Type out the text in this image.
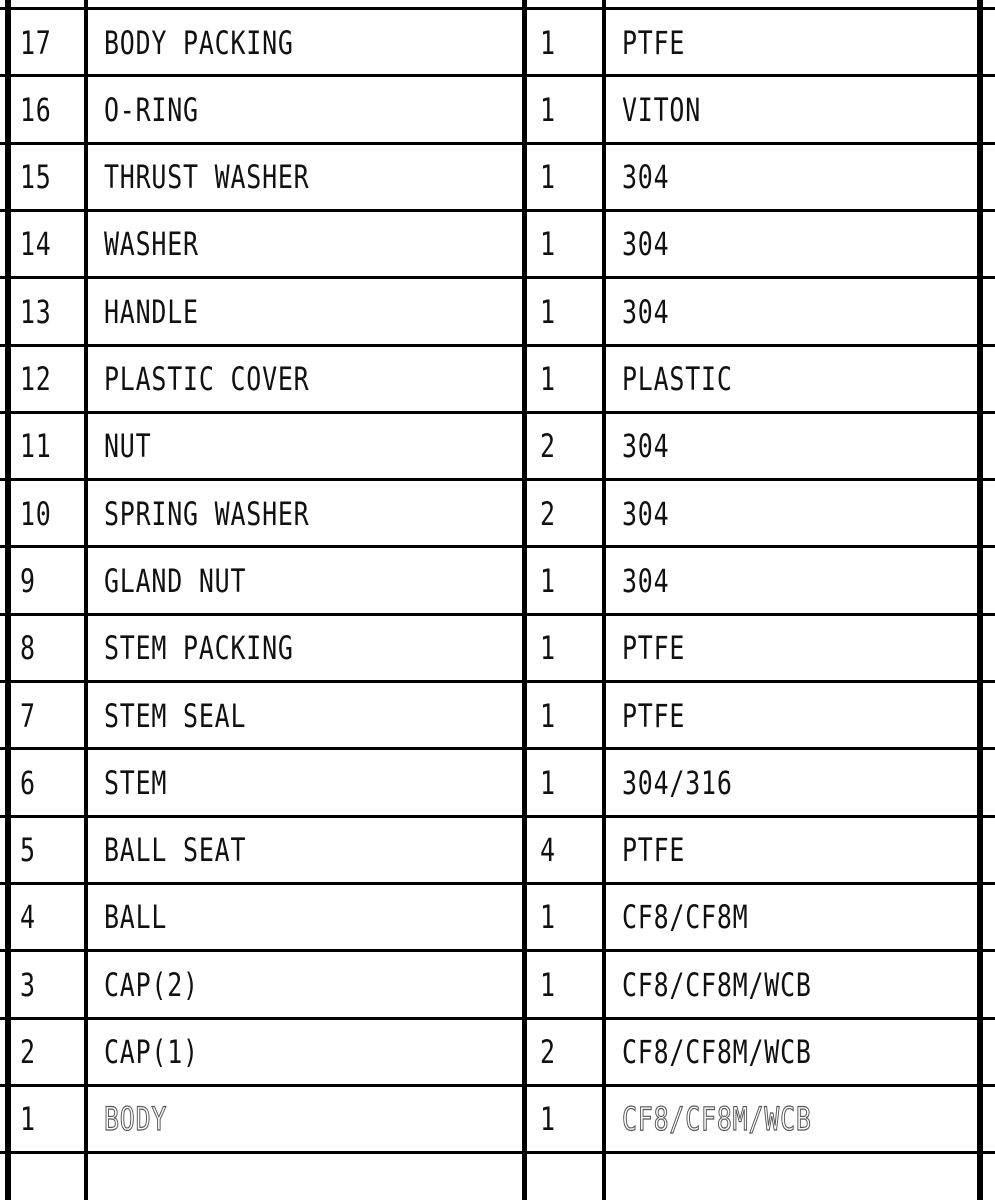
17 BODY PACKING	1 PTFE
16 O-RING	1 VITON
15 THRUST WASHER	1 304
14 WASHER	1 304
13 HANDLE	1 304
12 PLASTIC COVER	1 PLASTIC
11 NUT	2 304
10 SPRING WASHER	2 304
9 GLAND NUT	1 304
8 STEM PACKING	1 PTFE
7 STEM SEAL	1 PTFE
6 STEM	1 304/316
5 BALL SEAT	4 PTFE
4 BALL	1 CF8/CF8M
3 CAP(2)	1 CF8/CF8M/WCB
2 CAP(1)	2 CF8/CF8M/WCB
1 BODY	1 CF8/CF8M/WCB
